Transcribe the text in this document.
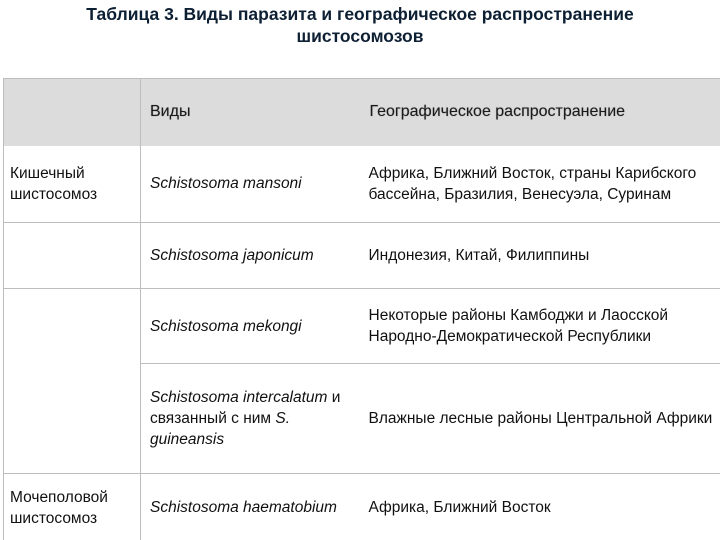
Таблица 3. Виды паразита и географическое распространение
шистосомозов
	Виды	Географическое распространение
Кишечный шистосомоз	Schistosoma mansoni	Африка, Ближний Восток, страны Карибского бассейна, Бразилия, Венесуэла, Суринам
	Schistosoma japonicum	Индонезия, Китай, Филиппины
	Schistosoma mekongi	Некоторые районы Камбоджи и Лаосской Народно-Демократической Республики
	Schistosoma intercalatum и связанный с ним S. guineansis	Влажные лесные районы Центральной Африки
Мочеполовой шистосомоз	Schistosoma haematobium	Африка, Ближний Восток
